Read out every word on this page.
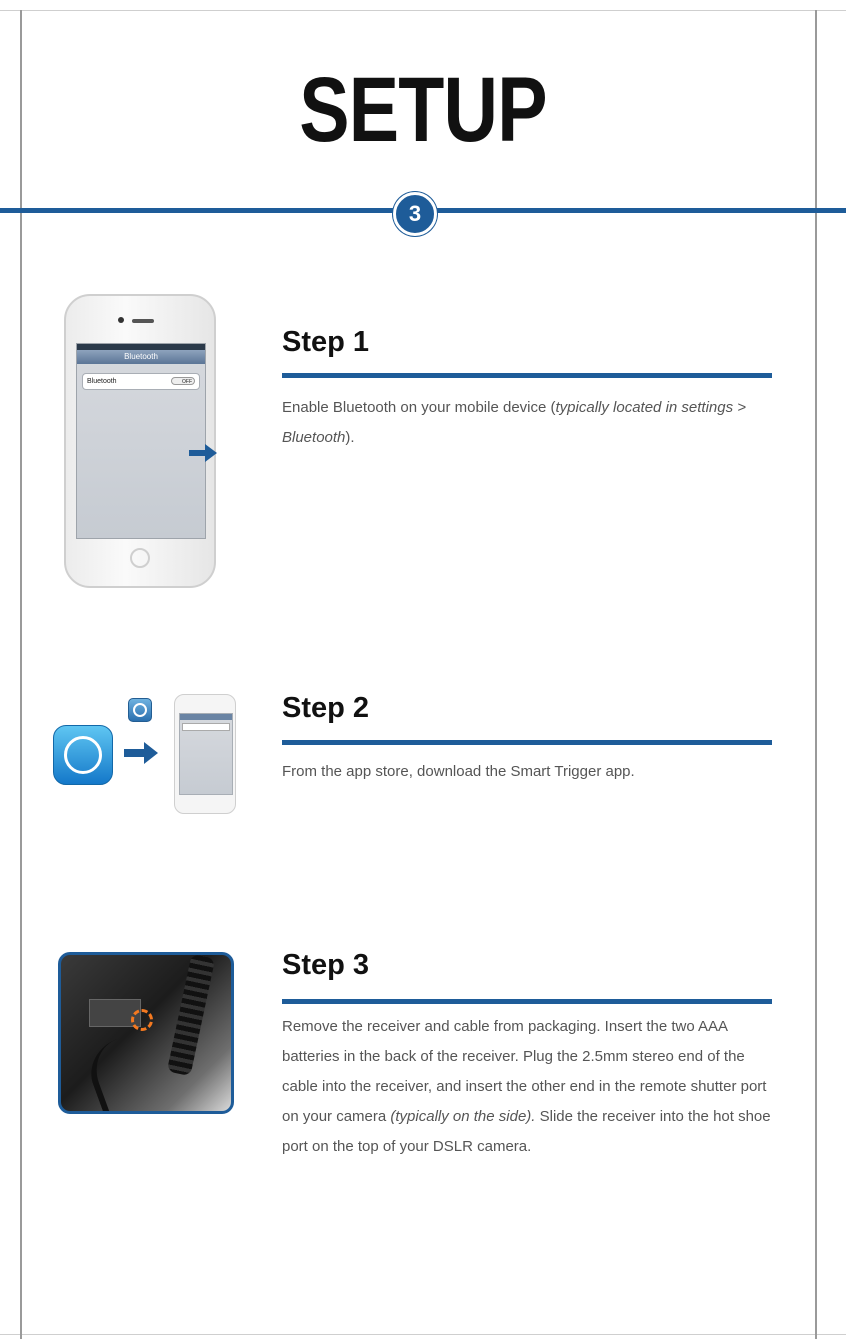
SETUP
3
Bluetooth
Bluetooth	OFF
Step 1
Enable Bluetooth on your mobile device (typically located in settings > Bluetooth).
Step 2
From the app store, download the Smart Trigger app.
Step 3
Remove the receiver and cable from packaging. Insert the two AAA batteries in the back of the receiver. Plug the 2.5mm stereo end of the cable into the receiver, and insert the other end in the remote shutter port on your camera (typically on the side). Slide the receiver into the hot shoe port on the top of your DSLR camera.
